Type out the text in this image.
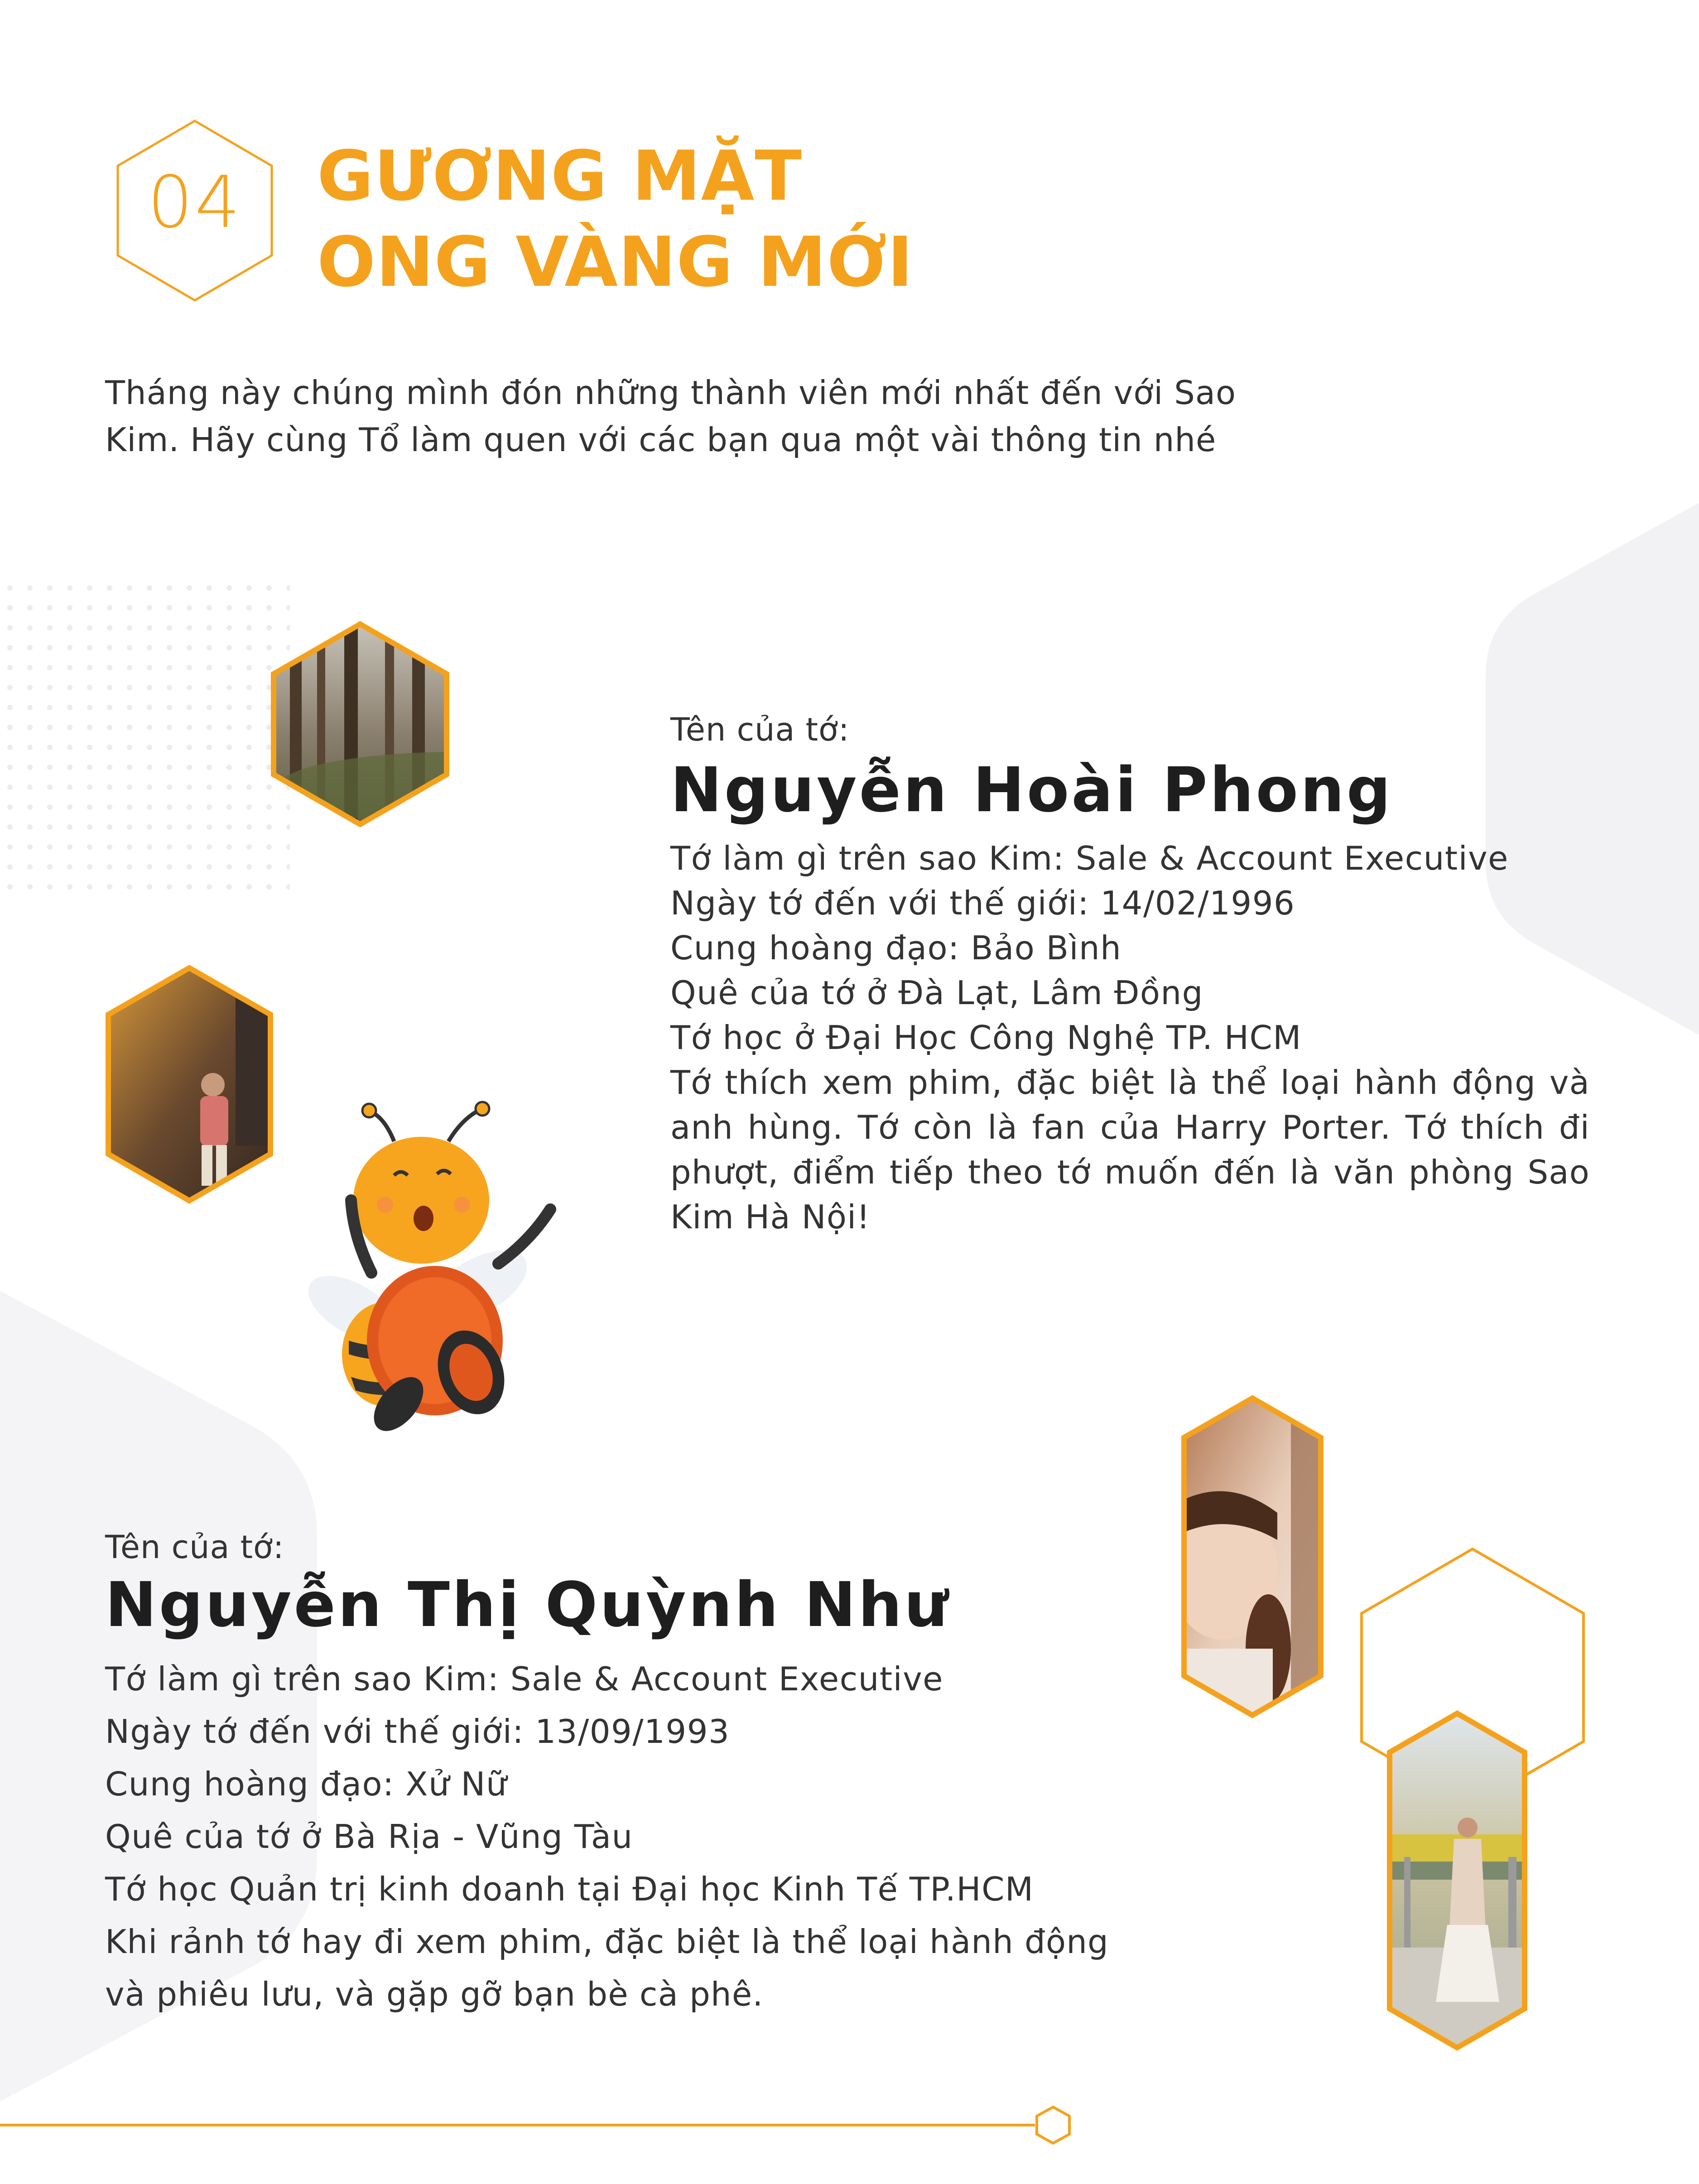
04	GƯƠNG MẶT
ONG VÀNG MỚI
Tháng này chúng mình đón những thành viên mới nhất đến với Sao
Kim. Hãy cùng Tổ làm quen với các bạn qua một vài thông tin nhé
Tên của tớ:
Nguyễn Hoài Phong
Tớ làm gì trên sao Kim: Sale & Account Executive
Ngày tớ đến với thế giới: 14/02/1996
Cung hoàng đạo: Bảo Bình
Quê của tớ ở Đà Lạt, Lâm Đồng
Tớ học ở Đại Học Công Nghệ TP. HCM
Tớ thích xem phim, đặc biệt là thể loại hành động và anh hùng. Tớ còn là fan của Harry Porter. Tớ thích đi phượt, điểm tiếp theo tớ muốn đến là văn phòng Sao Kim Hà Nội!
Tên của tớ:
Nguyễn Thị Quỳnh Như
Tớ làm gì trên sao Kim: Sale & Account Executive
Ngày tớ đến với thế giới: 13/09/1993
Cung hoàng đạo: Xử Nữ
Quê của tớ ở Bà Rịa - Vũng Tàu
Tớ học Quản trị kinh doanh tại Đại học Kinh Tế TP.HCM
Khi rảnh tớ hay đi xem phim, đặc biệt là thể loại hành động
và phiêu lưu, và gặp gỡ bạn bè cà phê.
